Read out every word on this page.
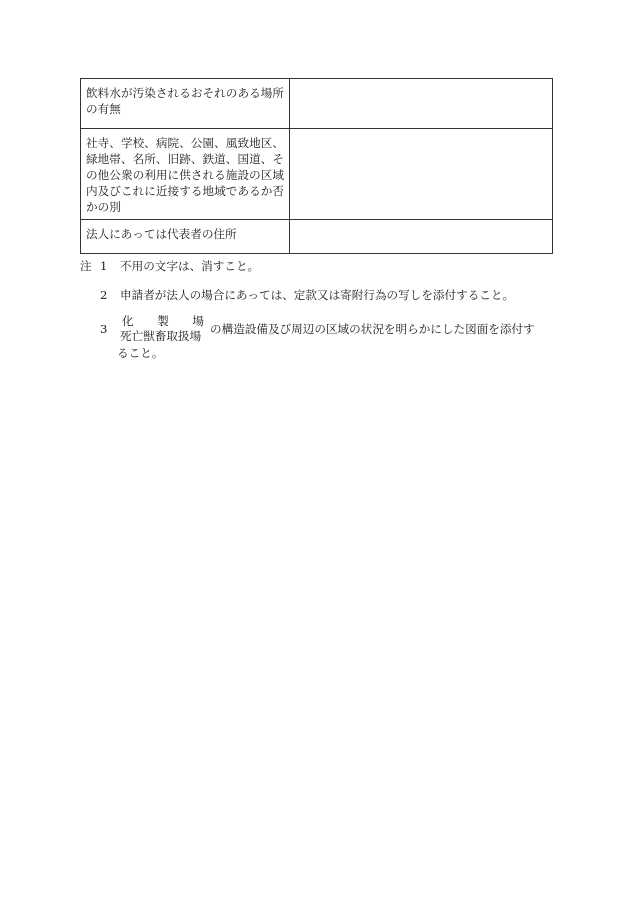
飲料水が汚染されるおそれのある場所の有無	
社寺、学校、病院、公園、風致地区、緑地帯、名所、旧跡、鉄道、国道、その他公衆の利用に供される施設の区域内及びこれに近接する地域であるか否かの別	
法人にあっては代表者の住所	
注 1	不用の文字は、消すこと。
2	申請者が法人の場合にあっては、定款又は寄附行為の写しを添付すること。
3
化 製 場
死亡獣畜取扱場 の構造設備及び周辺の区域の状況を明らかにした図面を添付す
ること。
